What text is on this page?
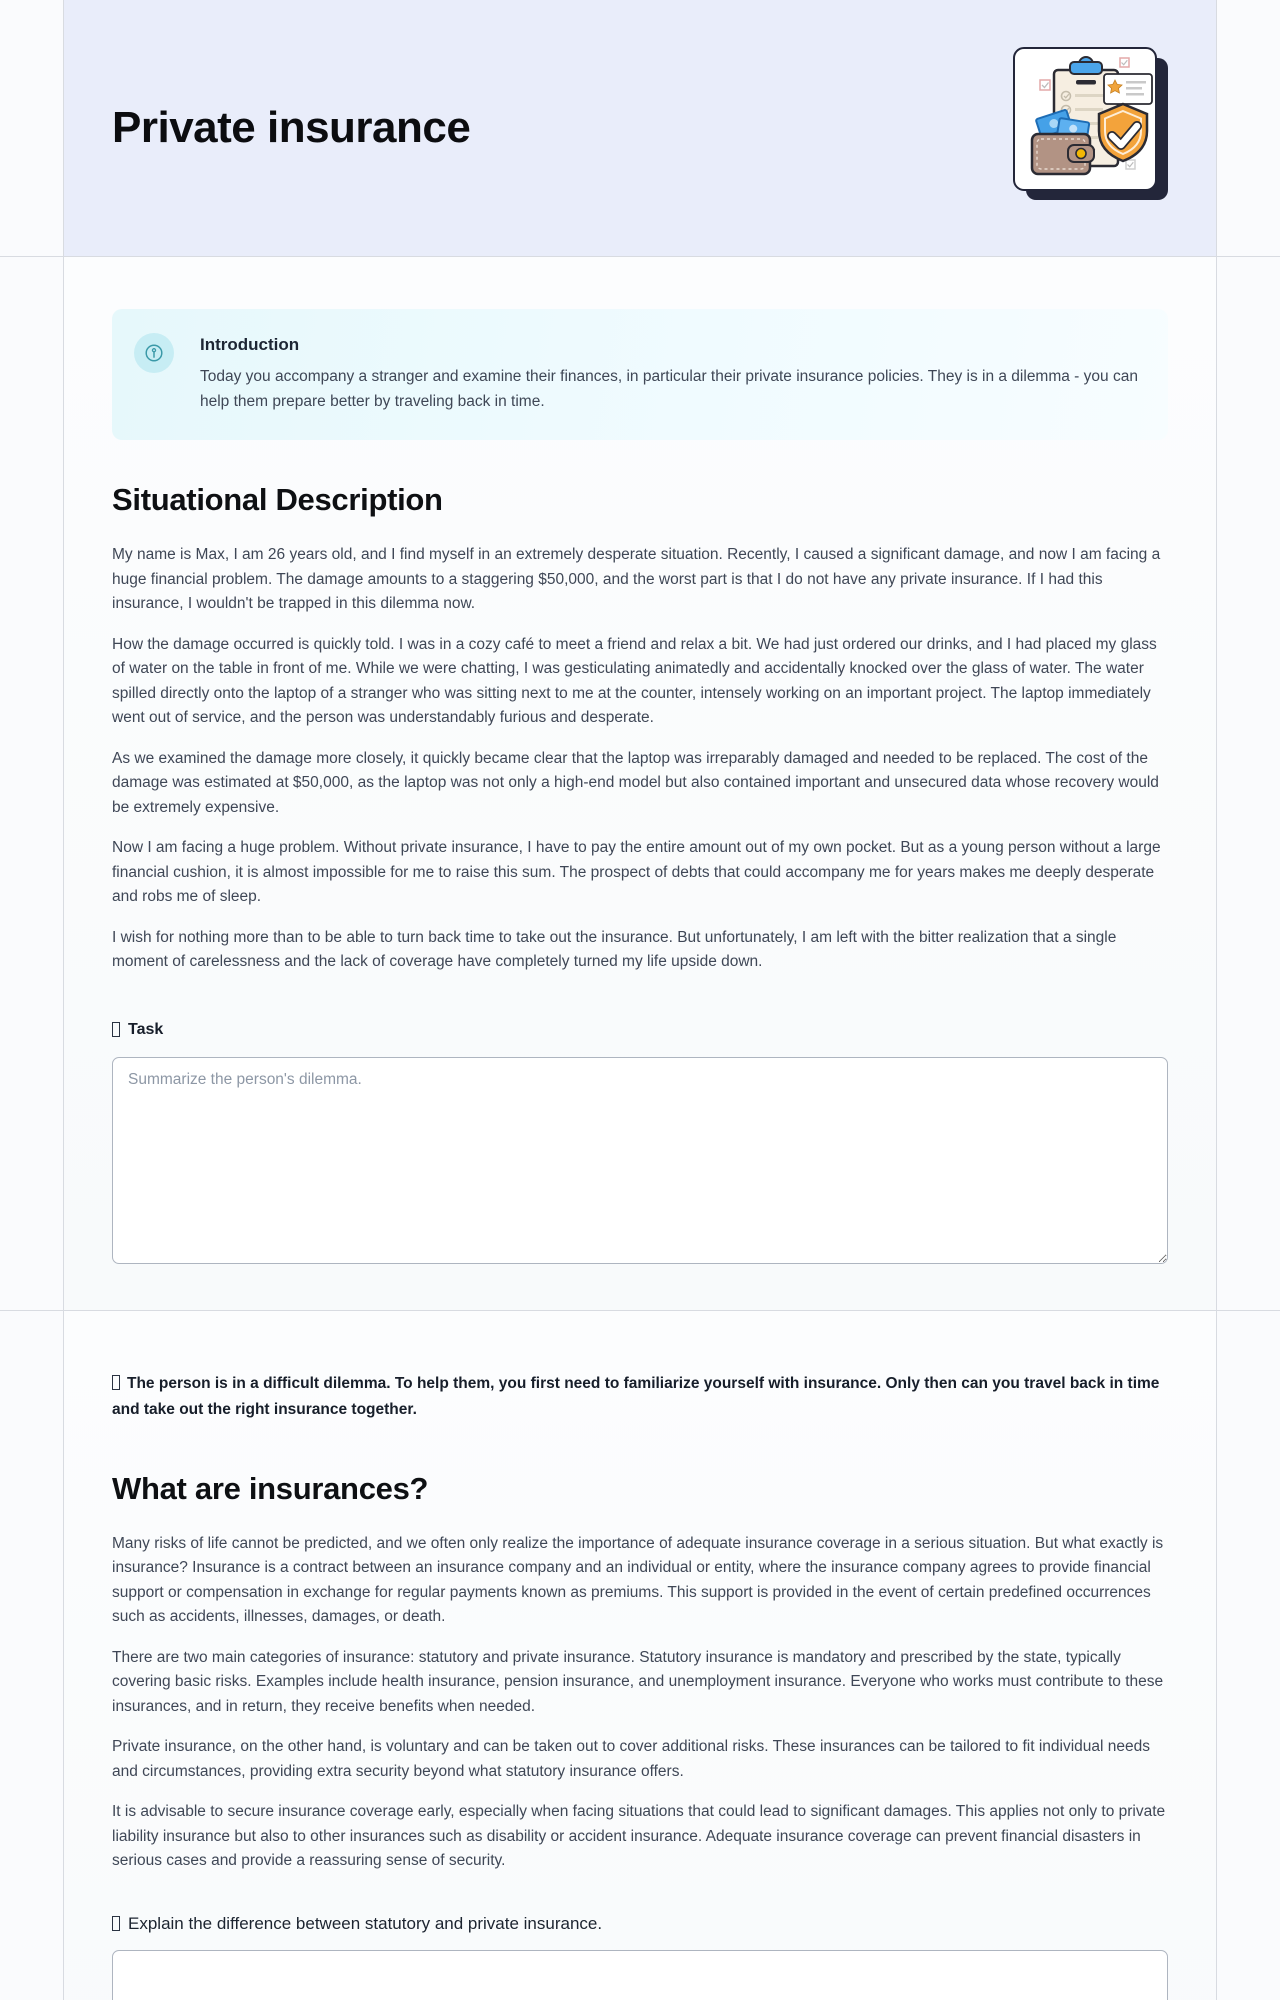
Private insurance
Introduction
Today you accompany a stranger and examine their finances, in particular their private insurance policies. They is in a dilemma - you can help them prepare better by traveling back in time.
Situational Description

My name is Max, I am 26 years old, and I find myself in an extremely desperate situation. Recently, I caused a significant damage, and now I am facing a huge financial problem. The damage amounts to a staggering $50,000, and the worst part is that I do not have any private insurance. If I had this insurance, I wouldn't be trapped in this dilemma now.

How the damage occurred is quickly told. I was in a cozy café to meet a friend and relax a bit. We had just ordered our drinks, and I had placed my glass of water on the table in front of me. While we were chatting, I was gesticulating animatedly and accidentally knocked over the glass of water. The water spilled directly onto the laptop of a stranger who was sitting next to me at the counter, intensely working on an important project. The laptop immediately went out of service, and the person was understandably furious and desperate.

As we examined the damage more closely, it quickly became clear that the laptop was irreparably damaged and needed to be replaced. The cost of the damage was estimated at $50,000, as the laptop was not only a high-end model but also contained important and unsecured data whose recovery would be extremely expensive.

Now I am facing a huge problem. Without private insurance, I have to pay the entire amount out of my own pocket. But as a young person without a large financial cushion, it is almost impossible for me to raise this sum. The prospect of debts that could accompany me for years makes me deeply desperate and robs me of sleep.

I wish for nothing more than to be able to turn back time to take out the insurance. But unfortunately, I am left with the bitter realization that a single moment of carelessness and the lack of coverage have completely turned my life upside down.

Task
Summarize the person's dilemma.
The person is in a difficult dilemma. To help them, you first need to familiarize yourself with insurance. Only then can you travel back in time and take out the right insurance together.
What are insurances?

Many risks of life cannot be predicted, and we often only realize the importance of adequate insurance coverage in a serious situation. But what exactly is insurance? Insurance is a contract between an insurance company and an individual or entity, where the insurance company agrees to provide financial support or compensation in exchange for regular payments known as premiums. This support is provided in the event of certain predefined occurrences such as accidents, illnesses, damages, or death.

There are two main categories of insurance: statutory and private insurance. Statutory insurance is mandatory and prescribed by the state, typically covering basic risks. Examples include health insurance, pension insurance, and unemployment insurance. Everyone who works must contribute to these insurances, and in return, they receive benefits when needed.

Private insurance, on the other hand, is voluntary and can be taken out to cover additional risks. These insurances can be tailored to fit individual needs and circumstances, providing extra security beyond what statutory insurance offers.

It is advisable to secure insurance coverage early, especially when facing situations that could lead to significant damages. This applies not only to private liability insurance but also to other insurances such as disability or accident insurance. Adequate insurance coverage can prevent financial disasters in serious cases and provide a reassuring sense of security.

Explain the difference between statutory and private insurance.
